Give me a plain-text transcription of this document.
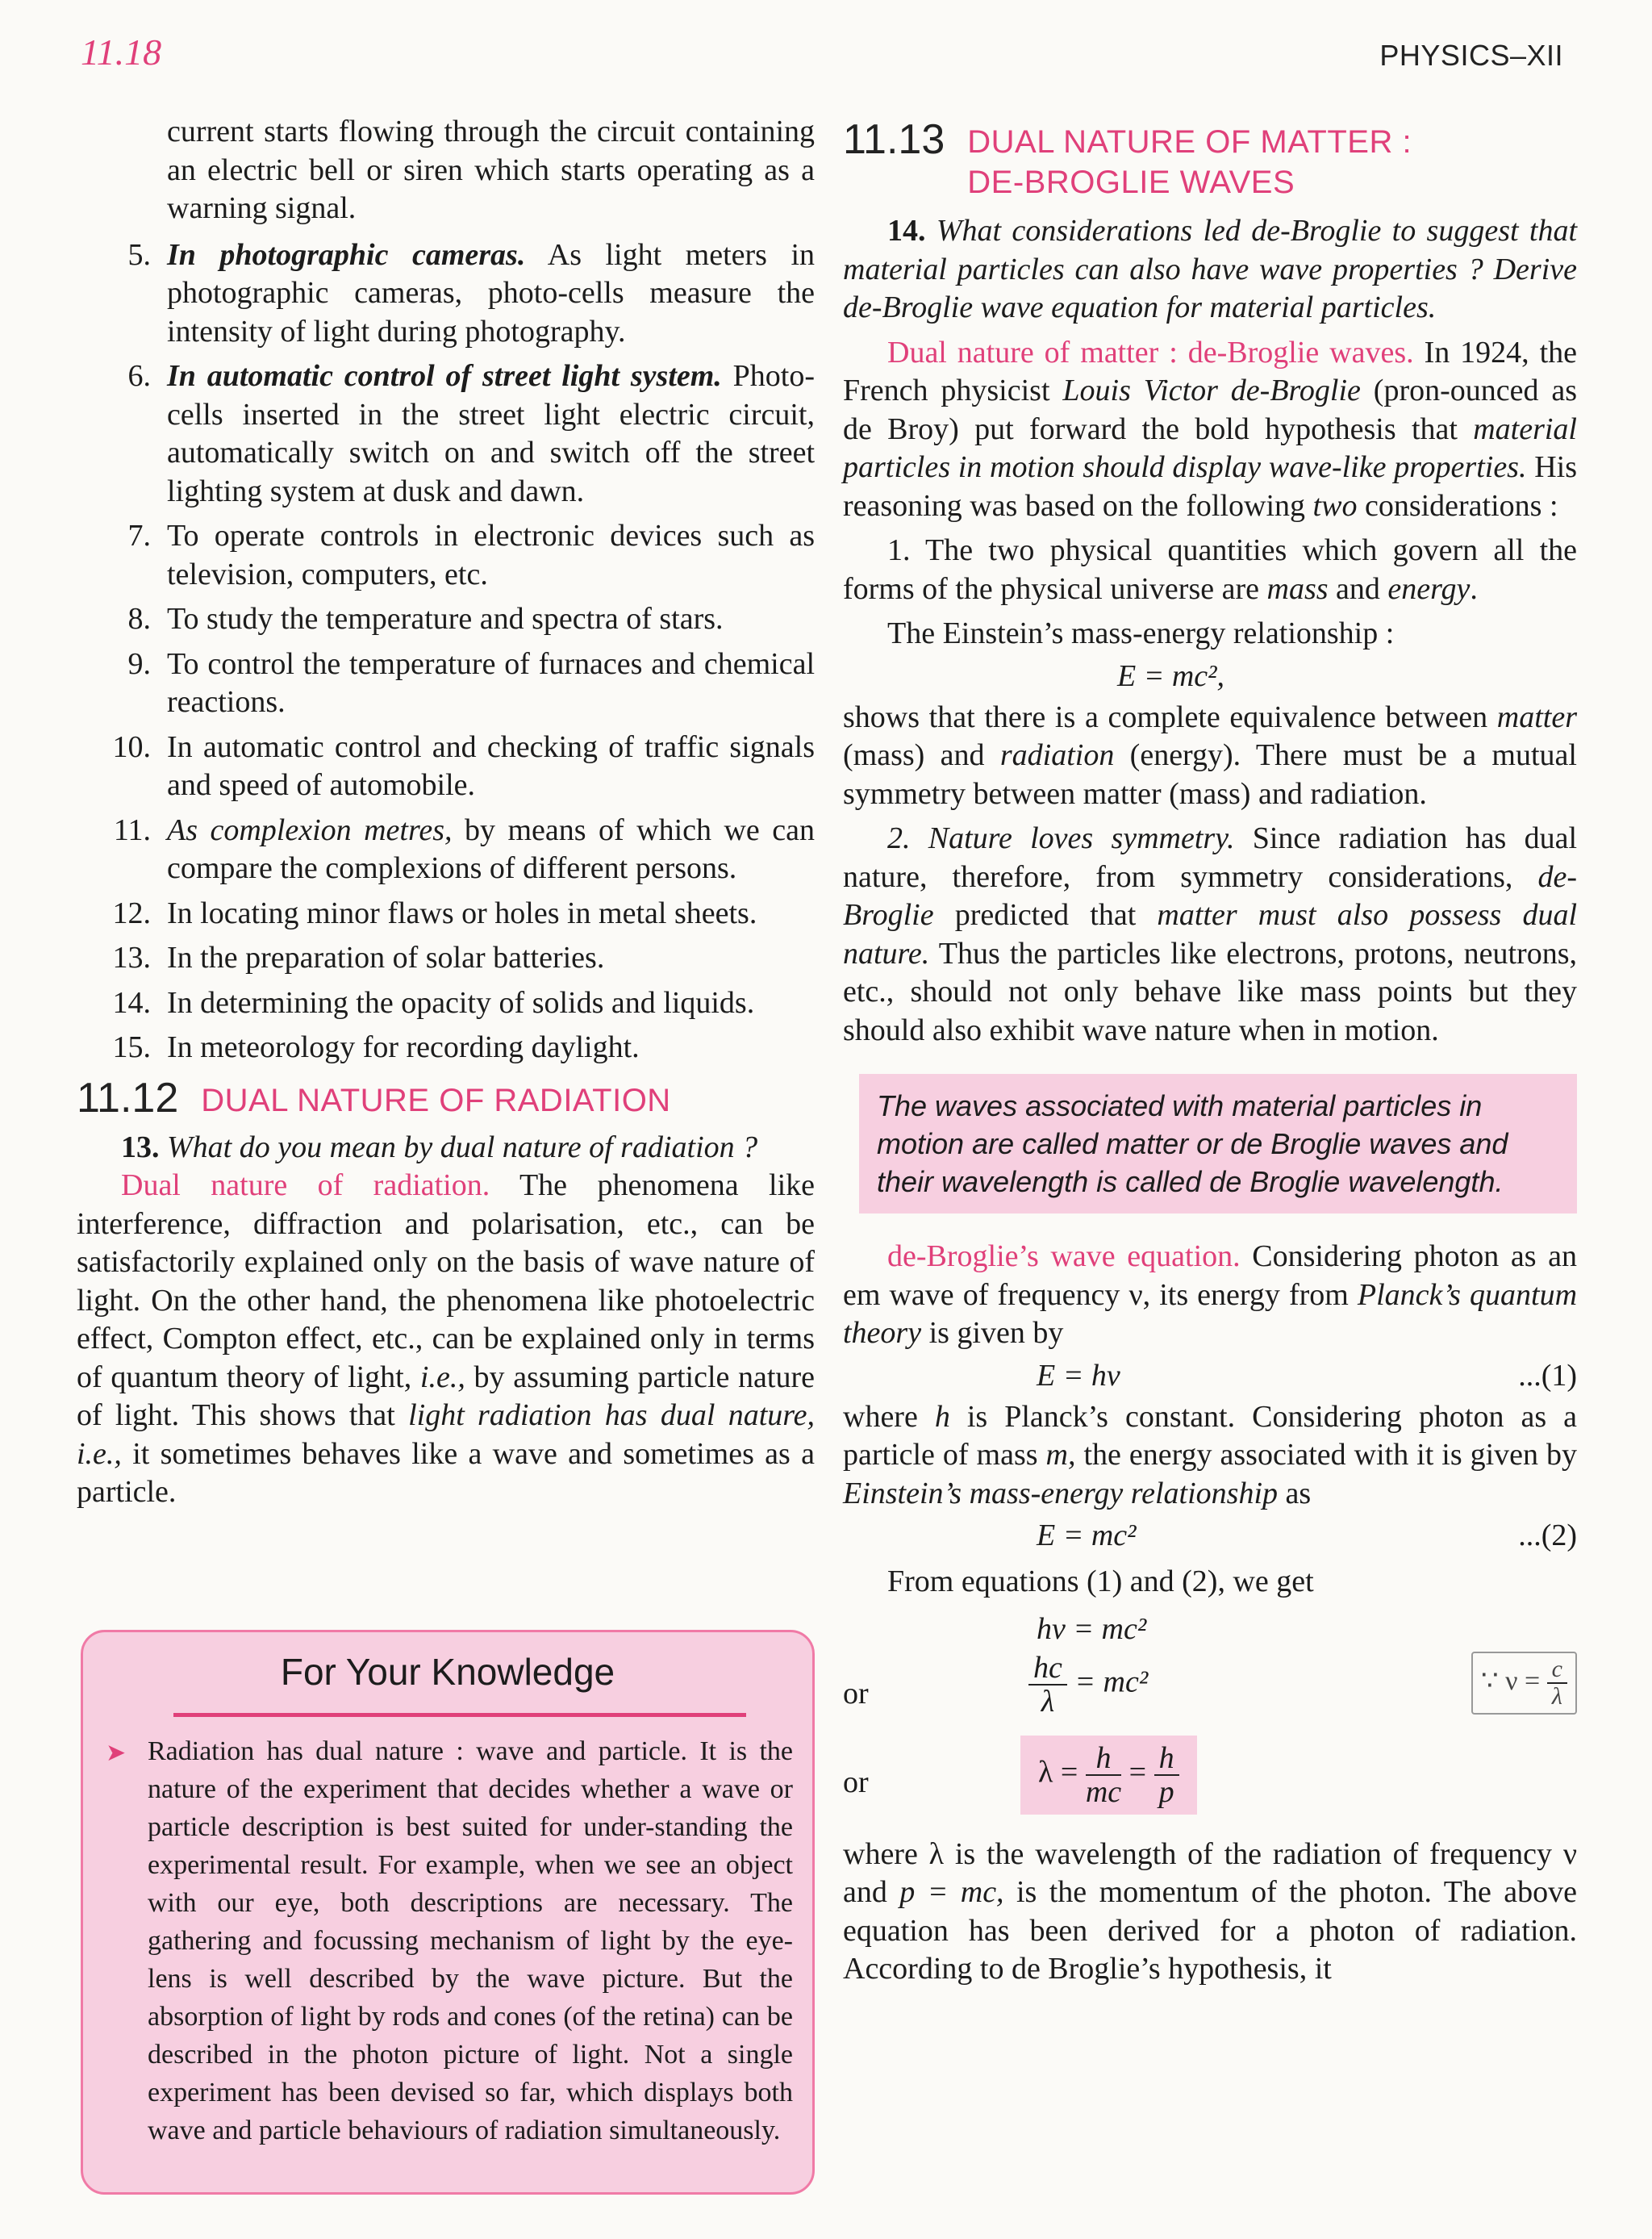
11.18	PHYSICS–XII

current starts flowing through the circuit containing an electric bell or siren which starts operating as a warning signal.

5. In photographic cameras. As light meters in photographic cameras, photo-cells measure the intensity of light during photography.
6. In automatic control of street light system. Photo-cells inserted in the street light electric circuit, automatically switch on and switch off the street lighting system at dusk and dawn.
7. To operate controls in electronic devices such as television, computers, etc.
8. To study the temperature and spectra of stars.
9. To control the temperature of furnaces and chemical reactions.
10. In automatic control and checking of traffic signals and speed of automobile.
11. As complexion metres, by means of which we can compare the complexions of different persons.
12. In locating minor flaws or holes in metal sheets.
13. In the preparation of solar batteries.
14. In determining the opacity of solids and liquids.
15. In meteorology for recording daylight.
11.12 DUAL NATURE OF RADIATION

13. What do you mean by dual nature of radiation ?

Dual nature of radiation. The phenomena like interference, diffraction and polarisation, etc., can be satisfactorily explained only on the basis of wave nature of light. On the other hand, the phenomena like photoelectric effect, Compton effect, etc., can be explained only in terms of quantum theory of light, i.e., by assuming particle nature of light. This shows that light radiation has dual nature, i.e., it sometimes behaves like a wave and sometimes as a particle.

For Your Knowledge
➤ Radiation has dual nature : wave and particle. It is the nature of the experiment that decides whether a wave or particle description is best suited for under-standing the experimental result. For example, when we see an object with our eye, both descriptions are necessary. The gathering and focussing mechanism of light by the eye-lens is well described by the wave picture. But the absorption of light by rods and cones (of the retina) can be described in the photon picture of light. Not a single experiment has been devised so far, which displays both wave and particle behaviours of radiation simultaneously.

11.13 DUAL NATURE OF MATTER :
DE-BROGLIE WAVES

14. What considerations led de-Broglie to suggest that material particles can also have wave properties ? Derive de-Broglie wave equation for material particles.

Dual nature of matter : de-Broglie waves. In 1924, the French physicist Louis Victor de-Broglie (pron-ounced as de Broy) put forward the bold hypothesis that material particles in motion should display wave-like properties. His reasoning was based on the following two considerations :

1. The two physical quantities which govern all the forms of the physical universe are mass and energy.

The Einstein’s mass-energy relationship :

E = mc²,

shows that there is a complete equivalence between matter (mass) and radiation (energy). There must be a mutual symmetry between matter (mass) and radiation.

2. Nature loves symmetry. Since radiation has dual nature, therefore, from symmetry considerations, de-Broglie predicted that matter must also possess dual nature. Thus the particles like electrons, protons, neutrons, etc., should not only behave like mass points but they should also exhibit wave nature when in motion.

The waves associated with material particles in motion are called matter or de Broglie waves and their wavelength is called de Broglie wavelength.

de-Broglie’s wave equation. Considering photon as an em wave of frequency ν, its energy from Planck’s quantum theory is given by

E = hν	...(1)

where h is Planck’s constant. Considering photon as a particle of mass m, the energy associated with it is given by Einstein’s mass-energy relationship as

E = mc²	...(2)

From equations (1) and (2), we get

hν = mc²
or	$\frac{hc}{\lambda} = mc^2$	∵ $\nu = \frac{c}{\lambda}$
or	$\lambda = \frac{h}{mc} = \frac{h}{p}$

where λ is the wavelength of the radiation of frequency ν and p = mc, is the momentum of the photon. The above equation has been derived for a photon of radiation. According to de Broglie’s hypothesis, it
